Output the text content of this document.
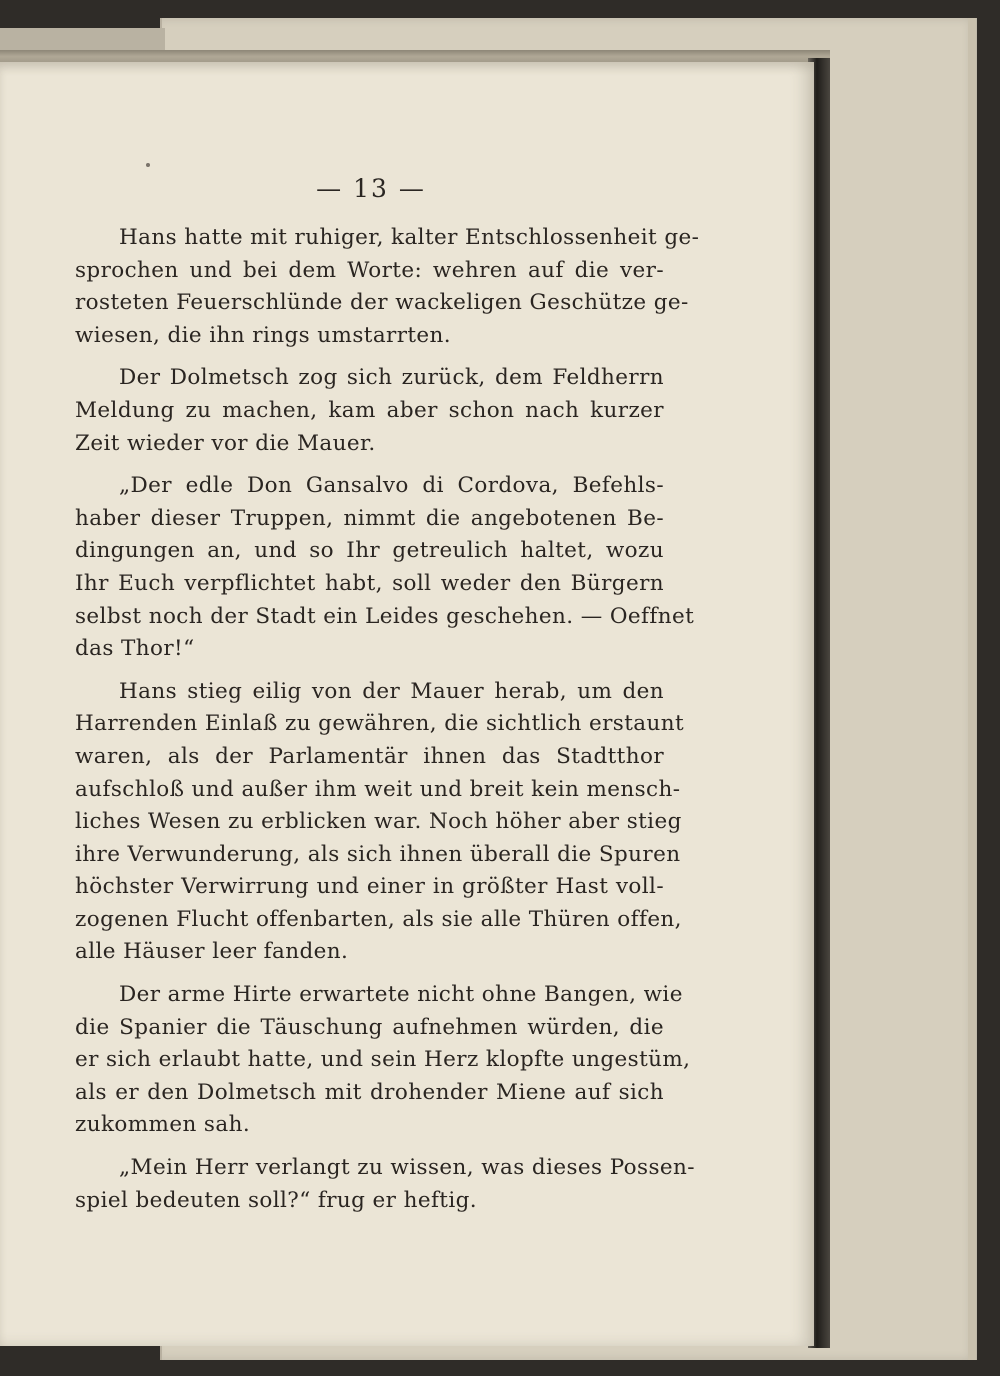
— 13 —

Hans hatte mit ruhiger, kalter Entschlossenheit ge-
sprochen und bei dem Worte: wehren auf die ver-
rosteten Feuerschlünde der wackeligen Geschütze ge-
wiesen, die ihn rings umstarrten.

Der Dolmetsch zog sich zurück, dem Feldherrn
Meldung zu machen, kam aber schon nach kurzer
Zeit wieder vor die Mauer.

„Der edle Don Gansalvo di Cordova, Befehls-
haber dieser Truppen, nimmt die angebotenen Be-
dingungen an, und so Ihr getreulich haltet, wozu
Ihr Euch verpflichtet habt, soll weder den Bürgern
selbst noch der Stadt ein Leides geschehen. — Oeffnet
das Thor!“

Hans stieg eilig von der Mauer herab, um den
Harrenden Einlaß zu gewähren, die sichtlich erstaunt
waren, als der Parlamentär ihnen das Stadtthor
aufschloß und außer ihm weit und breit kein mensch-
liches Wesen zu erblicken war. Noch höher aber stieg
ihre Verwunderung, als sich ihnen überall die Spuren
höchster Verwirrung und einer in größter Hast voll-
zogenen Flucht offenbarten, als sie alle Thüren offen,
alle Häuser leer fanden.

Der arme Hirte erwartete nicht ohne Bangen, wie
die Spanier die Täuschung aufnehmen würden, die
er sich erlaubt hatte, und sein Herz klopfte ungestüm,
als er den Dolmetsch mit drohender Miene auf sich
zukommen sah.

„Mein Herr verlangt zu wissen, was dieses Possen-
spiel bedeuten soll?“ frug er heftig.
